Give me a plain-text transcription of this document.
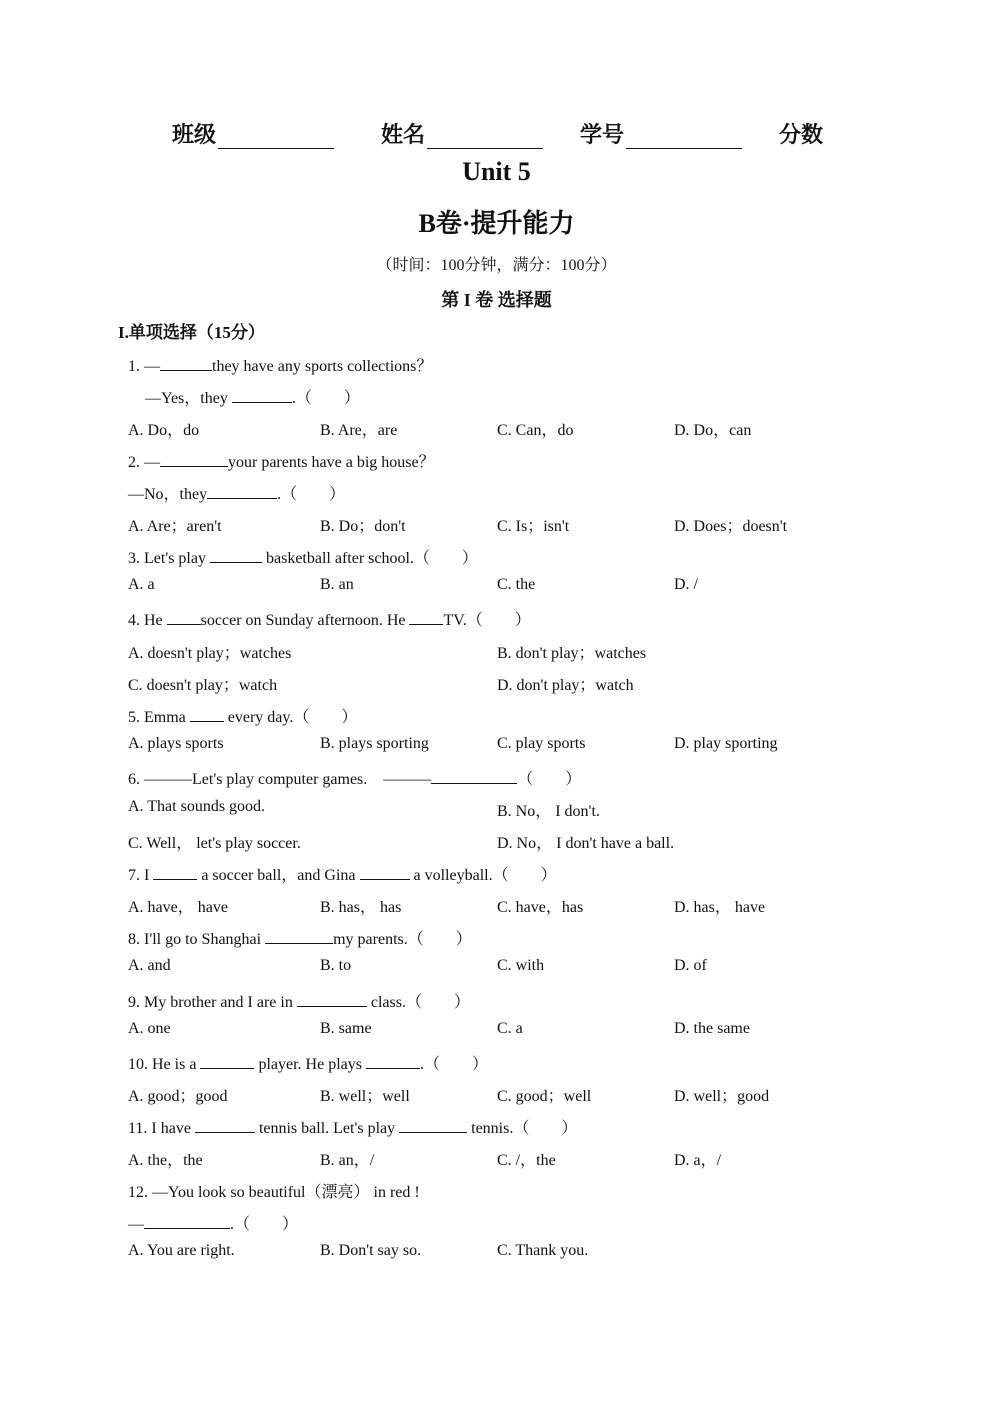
班级	姓名	学号	分数
Unit 5
B卷·提升能力
（时间：100分钟，满分：100分）
第 I 卷 选择题
I.单项选择（15分）
1. —	they have any sports collections？
—Yes，they	.（　　）
A. Do，do	B. Are，are	C. Can，do	D. Do，can
2. —	your parents have a big house？
—No，they	.（　　）
A. Are；aren't	B. Do；don't	C. Is；isn't	D. Does；doesn't
3. Let's play	basketball after school.（　　）
A. a	B. an	C. the	D. /
4. He soccer on Sunday afternoon. He TV.（　　）
A. doesn't play；watches	B. don't play；watches
C. doesn't play；watch	D. don't play；watch
5. Emma  every day.（　　）
A. plays sports	B. plays sporting	C. play sports	D. play sporting
6. ———Let's play computer games.　———	（　　）
A. That sounds good.	B. No， I don't.
C. Well， let's play soccer.	D. No， I don't have a ball.
7. I	a soccer ball，and Gina	a volleyball.（　　）
A. have， have	B. has， has	C. have，has	D. has， have
8. I'll go to Shanghai	my parents.（　　）
A. and	B. to	C. with	D. of
9. My brother and I are in	class.（　　）
A. one	B. same	C. a	D. the same
10. He is a	player. He plays	.（　　）
A. good；good	B. well；well	C. good；well	D. well；good
11. I have	tennis ball. Let's play	tennis.（　　）
A. the，the	B. an，/	C. /，the	D. a，/
12. —You look so beautiful（漂亮） in red !
—	.（　　）
A. You are right.	B. Don't say so.	C. Thank you.
